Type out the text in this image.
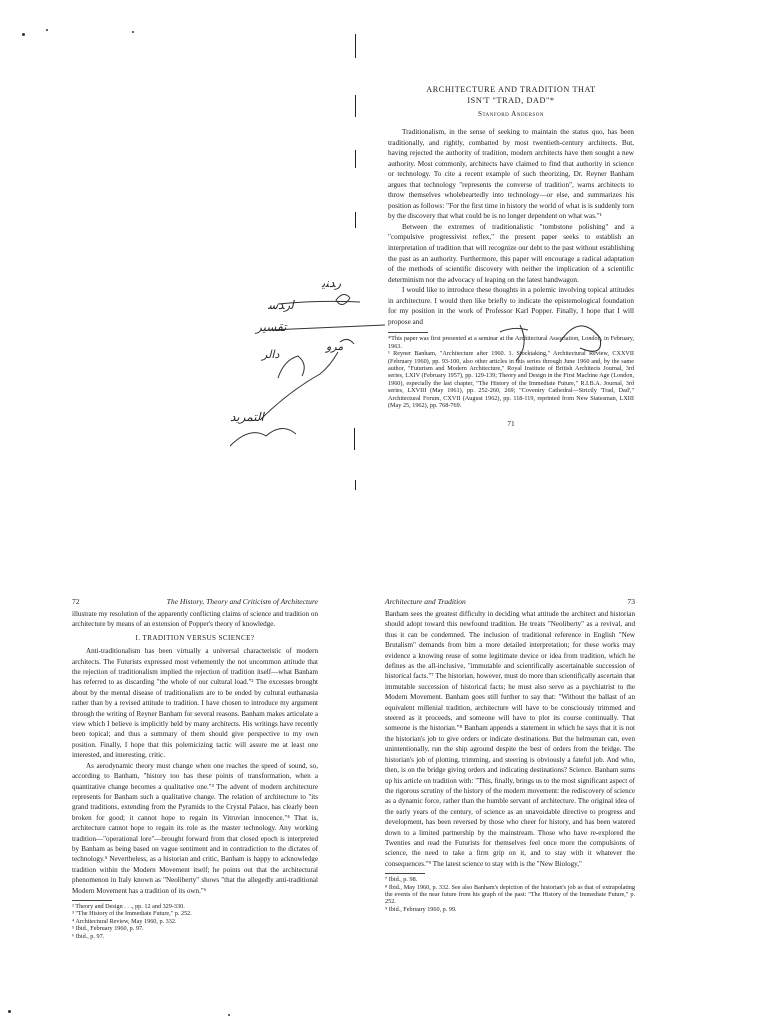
ﺭﺪﻨﻳ
ﻟﺭﺪﺳ
ﺗﻘﺴﻴﺮ
ﺩﺍﻟﺮ
ﻣﺮﻭ
ﺍﻟﺘﻤﺮﻳﺪ
ARCHITECTURE AND TRADITION THAT
ISN'T "TRAD, DAD"*
Stanford Anderson

Traditionalism, in the sense of seeking to maintain the status quo, has been traditionally, and rightly, combatted by most twentieth-century architects. But, having rejected the authority of tradition, modern architects have then sought a new authority. Most commonly, architects have claimed to find that authority in science or technology. To cite a recent example of such theorizing, Dr. Reyner Banham argues that technology "represents the converse of tradition", warns architects to throw themselves wholeheartedly into technology—or else, and summarizes his position as follows: "For the first time in history the world of what is is suddenly torn by the discovery that what could be is no longer dependent on what was."¹

Between the extremes of traditionalistic "tombstone polishing" and a "compulsive progressivist reflex," the present paper seeks to establish an interpretation of tradition that will recognize our debt to the past without establishing the past as an authority. Furthermore, this paper will encourage a radical adaptation of the methods of scientific discovery with neither the implication of a scientific determinism nor the advocacy of leaping on the latest bandwagon.

I would like to introduce these thoughts in a polemic involving topical attitudes in architecture. I would then like briefly to indicate the epistemological foundation for my position in the work of Professor Karl Popper. Finally, I hope that I will propose and

*This paper was first presented at a seminar at the Architectural Association, London, in February, 1963.

¹ Reyner Banham, "Architecture after 1960. 1. Stocktaking," Architectural Review, CXXVII (February 1960), pp. 93-100, also other articles in this series through June 1960 and, by the same author, "Futurism and Modern Architecture," Royal Institute of British Architects Journal, 3rd series, LXIV (February 1957), pp. 129-139; Theory and Design in the First Machine Age (London, 1960), especially the last chapter, "The History of the Immediate Future," R.I.B.A. Journal, 3rd series, LXVIII (May 1961), pp. 252-260, 269; "Coventry Cathedral—Strictly 'Trad, Dad'," Architectural Forum, CXVII (August 1962), pp. 118-119, reprinted from New Statesman, LXIII (May 25, 1962), pp. 768-769.

71
72	The History, Theory and Criticism of Architecture

illustrate my resolution of the apparently conflicting claims of science and tradition on architecture by means of an extension of Popper's theory of knowledge.

I. TRADITION VERSUS SCIENCE?

Anti-traditionalism has been virtually a universal characteristic of modern architects. The Futurists expressed most vehemently the not uncommon attitude that the rejection of traditionalism implied the rejection of tradition itself—what Banham has referred to as discarding "the whole of our cultural load."² The excesses brought about by the mental disease of traditionalism are to be ended by cultural euthanasia rather than by a revised attitude to tradition. I have chosen to introduce my argument through the writing of Reyner Banham for several reasons. Banham makes articulate a view which I believe is implicitly held by many architects. His writings have recently been topical; and thus a summary of them should give perspective to my own position. Finally, I hope that this polemicizing tactic will assure me at least one interested, and interesting, critic.

As aerodynamic theory must change when one reaches the speed of sound, so, according to Banham, "history too has these points of transformation, when a quantitative change becomes a qualitative one."³ The advent of modern architecture represents for Banham such a qualitative change. The relation of architecture to "its grand traditions, extending from the Pyramids to the Crystal Palace, has clearly been broken for good; it cannot hope to regain its Vitruvian innocence."⁴ That is, architecture cannot hope to regain its role as the master technology. Any working tradition—"operational lore"—brought forward from that closed epoch is interpreted by Banham as being based on vague sentiment and in contradiction to the dictates of technology.⁵ Nevertheless, as a historian and critic, Banham is happy to acknowledge tradition within the Modern Movement itself; he points out that the architectural phenomenon in Italy known as "Neoliberty" shows "that the allegedly anti-traditional Modern Movement has a tradition of its own."⁶

² Theory and Design . . ., pp. 12 and 329-330.

³ "The History of the Immediate Future," p. 252.

⁴ Architectural Review, May 1960, p. 332.

⁵ Ibid., February 1960, p. 97.

⁶ Ibid., p. 97.

Architecture and Tradition	73

Banham sees the greatest difficulty in deciding what attitude the architect and historian should adopt toward this newfound tradition. He treats "Neoliberty" as a revival, and thus it can be condemned. The inclusion of traditional reference in English "New Brutalism" demands from him a more detailed interpretation; for these works may evidence a knowing reuse of some legitimate device or idea from tradition, which he defines as the all-inclusive, "immutable and scientifically ascertainable succession of historical facts."⁷ The historian, however, must do more than scientifically ascertain that immutable succession of historical facts; he must also serve as a psychiatrist to the Modern Movement. Banham goes still further to say that: "Without the ballast of an equivalent millenial tradition, architecture will have to be consciously trimmed and steered as it proceeds, and someone will have to plot its course continually. That someone is the historian."⁸ Banham appends a statement in which he says that it is not the historian's job to give orders or indicate destinations. But the helmsman can, even unintentionally, run the ship aground despite the best of orders from the bridge. The historian's job of plotting, trimming, and steering is obviously a fateful job. And who, then, is on the bridge giving orders and indicating destinations? Science. Banham sums up his article on tradition with: "This, finally, brings us to the most significant aspect of the rigorous scrutiny of the history of the modern movement: the rediscovery of science as a dynamic force, rather than the humble servant of architecture. The original idea of the early years of the century, of science as an unavoidable directive to progress and development, has been reversed by those who cheer for history, and has been watered down to a limited partnership by the mainstream. Those who have re-explored the Twenties and read the Futurists for themselves feel once more the compulsions of science, the need to take a firm grip on it, and to stay with it whatever the consequences."⁹ The latest science to stay with is the "New Biology,"

⁷ Ibid., p. 98.

⁸ Ibid., May 1960, p. 332. See also Banham's depiction of the historian's job as that of extrapolating the events of the near future from his graph of the past: "The History of the Immediate Future," p. 252.

⁹ Ibid., February 1960, p. 99.
